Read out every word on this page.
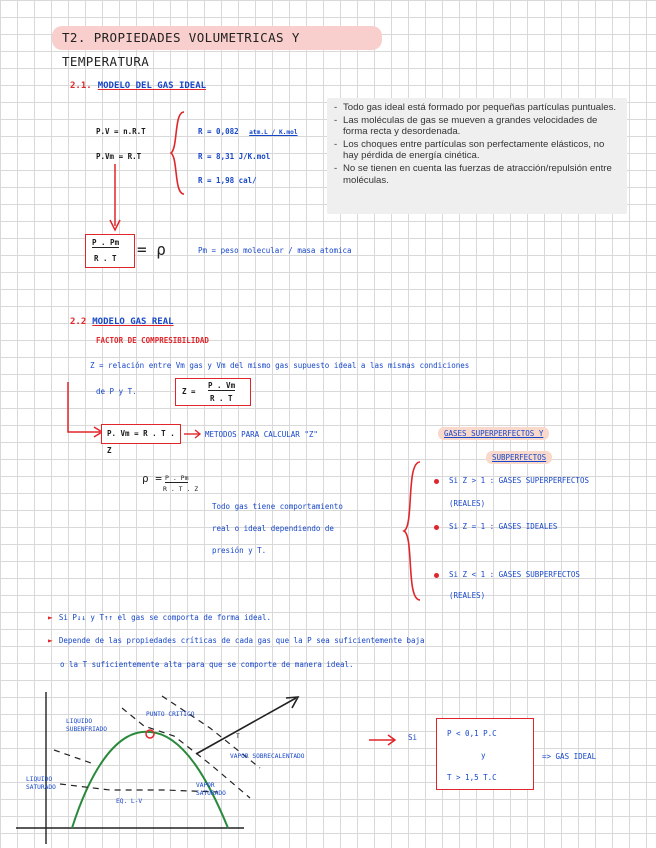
T2. PROPIEDADES VOLUMETRICAS Y TEMPERATURA
2.1. MODELO DEL GAS IDEAL
P.V = n.R.T
P.Vm = R.T
R = 0,082 atm.L / K.mol
R = 8,31 J/K.mol
R = 1,98 cal/
$\frac{P . Pm}{R . T} = \rho$	Pm = peso molecular / masa atomica
- Todo gas ideal está formado por pequeñas partículas puntuales.
- Las moléculas de gas se mueven a grandes velocidades de forma recta y desordenada.
- Los choques entre partículas son perfectamente elásticos, no hay pérdida de energía cinética.
- No se tienen en cuenta las fuerzas de atracción/repulsión entre moléculas.
2.2 MODELO GAS REAL
FACTOR DE COMPRESIBILIDAD
Z = relación entre Vm gas y Vm del mismo gas supuesto ideal a las mismas condiciones
de P y T.	Z =
P . Vm
R . T
P. Vm = R . T . Z
METODOS PARA CALCULAR "Z"	GASES SUPERPERFECTOS Y
SUBPERFECTOS
ρ = P . Pm
R . T . Z
Todo gas tiene comportamiento
real o ideal dependiendo de
presión y T.
Si Z > 1 : GASES SUPERPERFECTOS
(REALES)
Si Z = 1 : GASES IDEALES
Si Z < 1 : GASES SUBPERFECTOS
(REALES)
► Si P↓↓ y T↑↑ el gas se comporta de forma ideal.
► Depende de las propiedades críticas de cada gas que la P sea suficientemente baja
o la T suficientemente alta para que se comporte de manera ideal.
PUNTO CRITICO
LIQUIDO SUBENFRIADO
LIQUIDO SATURADO	VAPOR SATURADO
EQ. L-V
T
VAPOR SOBRECALENTADO
Si	P < 0,1 P.C
y
T > 1,5 T.C
=> GAS IDEAL
